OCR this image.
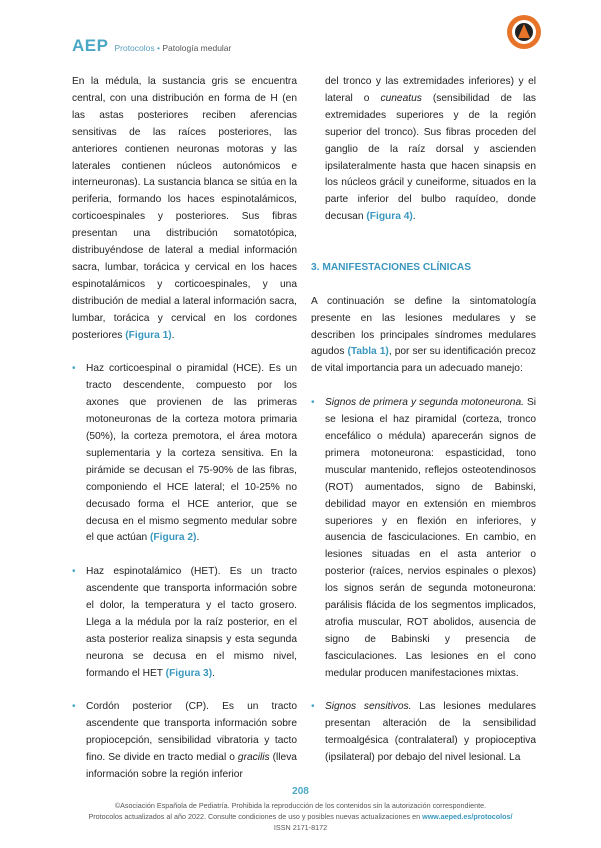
AEP Protocolos • Patología medular

En la médula, la sustancia gris se encuentra central, con una distribución en forma de H (en las astas posteriores reciben aferencias sensitivas de las raíces posteriores, las anteriores contienen neuronas motoras y las laterales contienen núcleos autonómicos e interneuronas). La sustancia blanca se sitúa en la periferia, formando los haces espinotalámicos, corticoespinales y posteriores. Sus fibras presentan una distribución somatotópica, distribuyéndose de lateral a medial información sacra, lumbar, torácica y cervical en los haces espinotalámicos y corticoespinales, y una distribución de medial a lateral información sacra, lumbar, torácica y cervical en los cordones posteriores (Figura 1).

• Haz corticoespinal o piramidal (HCE). Es un tracto descendente, compuesto por los axones que provienen de las primeras motoneuronas de la corteza motora primaria (50%), la corteza premotora, el área motora suplementaria y la corteza sensitiva. En la pirámide se decusan el 75-90% de las fibras, componiendo el HCE lateral; el 10-25% no decusado forma el HCE anterior, que se decusa en el mismo segmento medular sobre el que actúan (Figura 2).

• Haz espinotalámico (HET). Es un tracto ascendente que transporta información sobre el dolor, la temperatura y el tacto grosero. Llega a la médula por la raíz posterior, en el asta posterior realiza sinapsis y esta segunda neurona se decusa en el mismo nivel, formando el HET (Figura 3).

• Cordón posterior (CP). Es un tracto ascendente que transporta información sobre propiocepción, sensibilidad vibratoria y tacto fino. Se divide en tracto medial o gracilis (lleva información sobre la región inferior

del tronco y las extremidades inferiores) y el lateral o cuneatus (sensibilidad de las extremidades superiores y de la región superior del tronco). Sus fibras proceden del ganglio de la raíz dorsal y ascienden ipsilateralmente hasta que hacen sinapsis en los núcleos grácil y cuneiforme, situados en la parte inferior del bulbo raquídeo, donde decusan (Figura 4).

3. MANIFESTACIONES CLÍNICAS

A continuación se define la sintomatología presente en las lesiones medulares y se describen los principales síndromes medulares agudos (Tabla 1), por ser su identificación precoz de vital importancia para un adecuado manejo:

• Signos de primera y segunda motoneurona. Si se lesiona el haz piramidal (corteza, tronco encefálico o médula) aparecerán signos de primera motoneurona: espasticidad, tono muscular mantenido, reflejos osteotendinosos (ROT) aumentados, signo de Babinski, debilidad mayor en extensión en miembros superiores y en flexión en inferiores, y ausencia de fasciculaciones. En cambio, en lesiones situadas en el asta anterior o posterior (raíces, nervios espinales o plexos) los signos serán de segunda motoneurona: parálisis flácida de los segmentos implicados, atrofia muscular, ROT abolidos, ausencia de signo de Babinski y presencia de fasciculaciones. Las lesiones en el cono medular producen manifestaciones mixtas.

• Signos sensitivos. Las lesiones medulares presentan alteración de la sensibilidad termoalgésica (contralateral) y propioceptiva (ipsilateral) por debajo del nivel lesional. La

208
©Asociación Española de Pediatría. Prohibida la reproducción de los contenidos sin la autorización correspondiente.
Protocolos actualizados al año 2022. Consulte condiciones de uso y posibles nuevas actualizaciones en www.aeped.es/protocolos/
ISSN 2171-8172
